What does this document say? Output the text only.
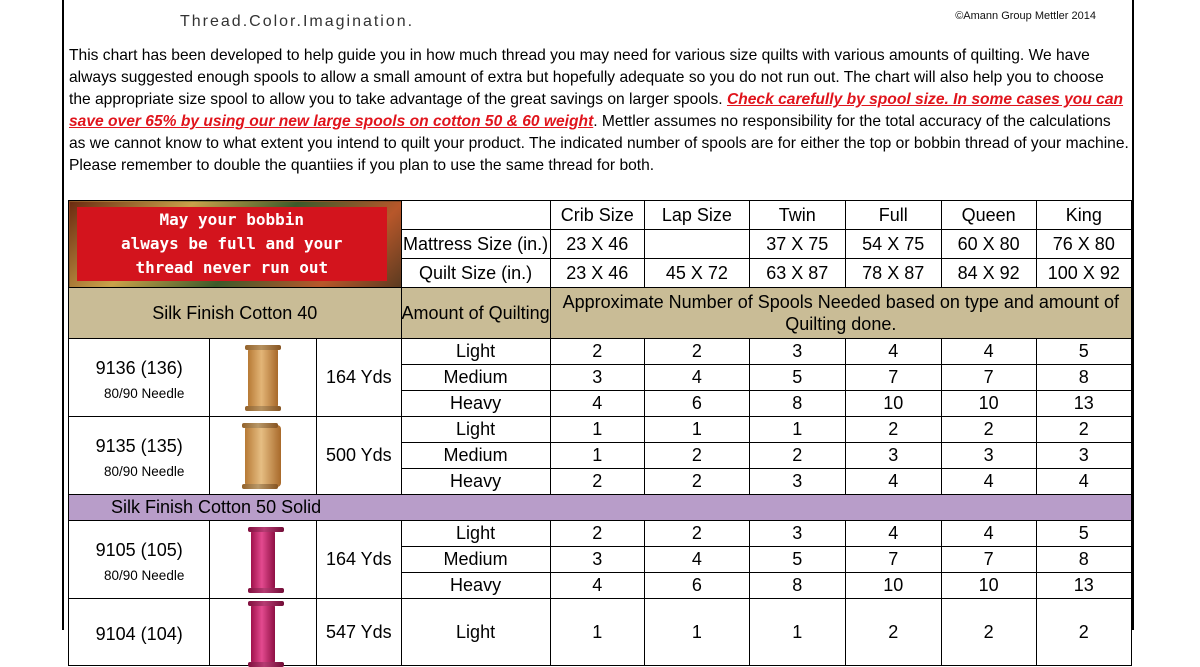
Thread.Color.Imagination.	©Amann Group Mettler 2014
This chart has been developed to help guide you in how much thread you may need for various size quilts with various amounts of quilting. We have always suggested enough spools to allow a small amount of extra but hopefully adequate so you do not run out. The chart will also help you to choose the appropriate size spool to allow you to take advantage of the great savings on larger spools. Check carefully by spool size. In some cases you can save over 65% by using our new large spools on cotton 50 & 60 weight. Mettler assumes no responsibility for the total accuracy of the calculations as we cannot know to what extent you intend to quilt your product. The indicated number of spools are for either the top or bobbin thread of your machine. Please remember to double the quantiies if you plan to use the same thread for both.
May your bobbin
always be full and your
thread never run out				Crib Size	Lap Size	Twin	Full	Queen	King
			Mattress Size (in.)	23 X 46		37 X 75	54 X 75	60 X 80	76 X 80
			Quilt Size (in.)	23 X 46	45 X 72	63 X 87	78 X 87	84 X 92	100 X 92
Silk Finish Cotton 40			Amount of Quilting	Approximate Number of Spools Needed based on type and amount of Quilting done.					

9136 (136)
80/90 Needle		164 Yds	Light	2	2	3	4	4	5
			Medium	3	4	5	7	7	8
			Heavy	4	6	8	10	10	13

9135 (135)
80/90 Needle		500 Yds	Light	1	1	1	2	2	2
			Medium	1	2	2	3	3	3
			Heavy	2	2	3	4	4	4
Silk Finish Cotton 50 Solid									

9105 (105)
80/90 Needle		164 Yds	Light	2	2	3	4	4	5
			Medium	3	4	5	7	7	8
			Heavy	4	6	8	10	10	13

9104 (104)		547 Yds	Light	1	1	1	2	2	2
